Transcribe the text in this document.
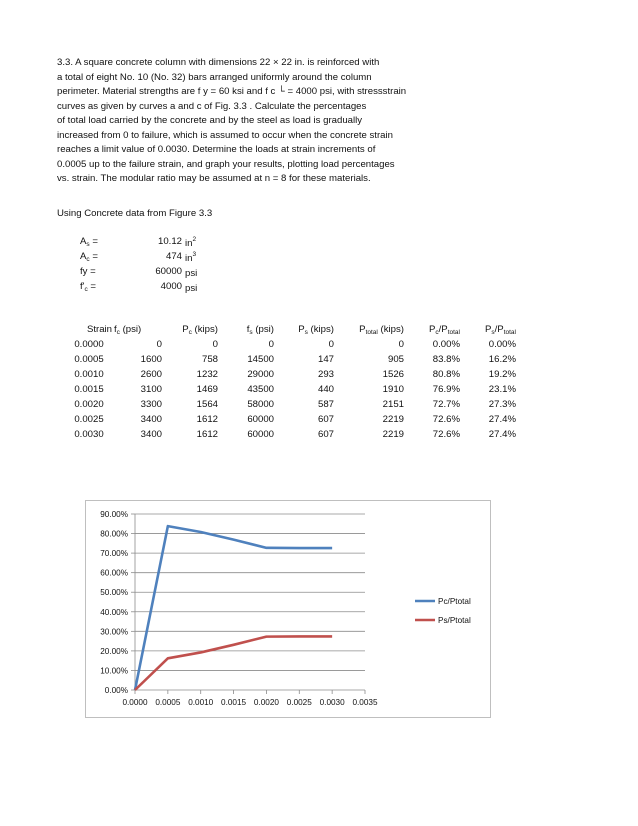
3.3. A square concrete column with dimensions 22 × 22 in. is reinforced with
a total of eight No. 10 (No. 32) bars arranged uniformly around the column
perimeter. Material strengths are f y = 60 ksi and f c └ = 4000 psi, with stressstrain
curves as given by curves a and c of Fig. 3.3 . Calculate the percentages
of total load carried by the concrete and by the steel as load is gradually
increased from 0 to failure, which is assumed to occur when the concrete strain
reaches a limit value of 0.0030. Determine the loads at strain increments of
0.0005 up to the failure strain, and graph your results, plotting load percentages
vs. strain. The modular ratio may be assumed at n = 8 for these materials.
Using Concrete data from Figure 3.3
$A_s$ =	10.12 $in^2$
$A_c$ =	474 $in^3$
fy =	60000 psi
$f'_c$ =	4000 psi
Strain	$f_c$ (psi)	$P_c$ (kips)	$f_s$ (psi)	$P_s$ (kips)	$P_{total}$ (kips)	$P_c/P_{total}$	$P_s/P_{total}$
0.0000	0	0	0	0	0	0.00%	0.00%
0.0005	1600	758	14500	147	905	83.8%	16.2%
0.0010	2600	1232	29000	293	1526	80.8%	19.2%
0.0015	3100	1469	43500	440	1910	76.9%	23.1%
0.0020	3300	1564	58000	587	2151	72.7%	27.3%
0.0025	3400	1612	60000	607	2219	72.6%	27.4%
0.0030	3400	1612	60000	607	2219	72.6%	27.4%
0.00%
10.00%
20.00%
30.00%
40.00%
50.00%
60.00%
70.00%
80.00%
90.00%
0.0000 0.0005 0.0010 0.0015 0.0020 0.0025 0.0030 0.0035
Pc/Ptotal
Ps/Ptotal
